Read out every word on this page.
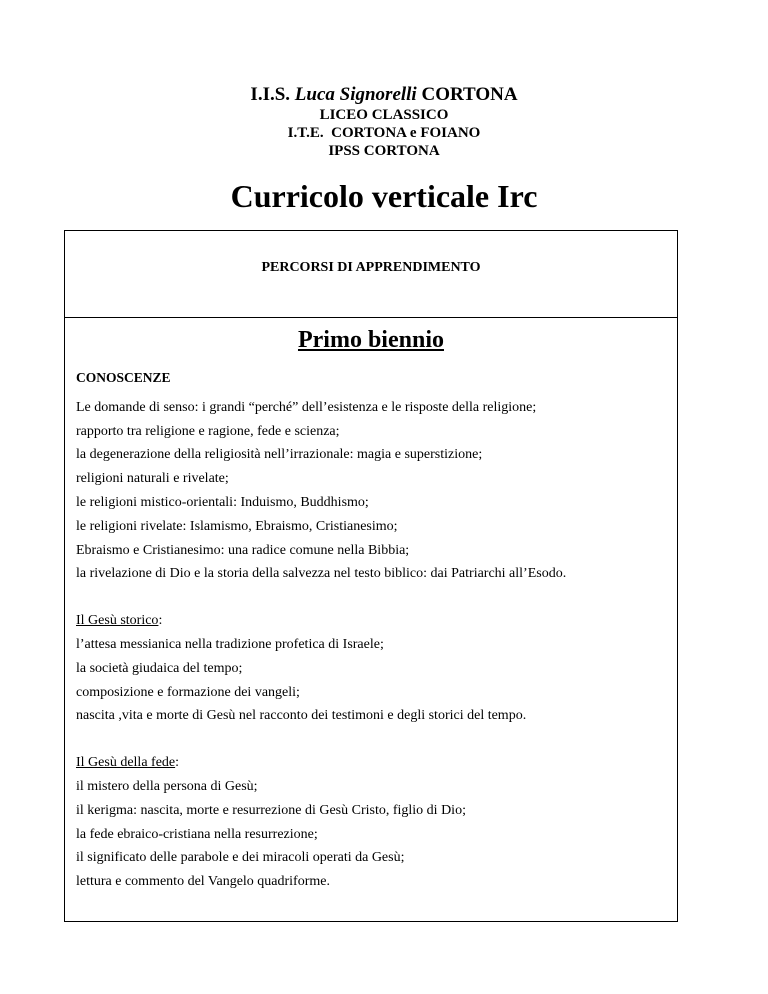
I.I.S. Luca Signorelli CORTONA
LICEO CLASSICO
I.T.E.  CORTONA e FOIANO
IPSS CORTONA
Curricolo verticale Irc
PERCORSI DI APPRENDIMENTO
Primo biennio
CONOSCENZE

Le domande di senso: i grandi “perché” dell’esistenza e le risposte della religione;

rapporto tra religione e ragione, fede e scienza;

la degenerazione della religiosità nell’irrazionale: magia e superstizione;

religioni naturali e rivelate;

le religioni mistico-orientali: Induismo, Buddhismo;

le religioni rivelate: Islamismo, Ebraismo, Cristianesimo;

Ebraismo e Cristianesimo: una radice comune nella Bibbia;

la rivelazione di Dio e la storia della salvezza nel testo biblico: dai Patriarchi all’Esodo.

Il Gesù storico:

l’attesa messianica nella tradizione profetica di Israele;

la società giudaica del tempo;

composizione e formazione dei vangeli;

nascita ,vita e morte di Gesù nel racconto dei testimoni e degli storici del tempo.

Il Gesù della fede:

il mistero della persona di Gesù;

il kerigma: nascita, morte e resurrezione di Gesù Cristo, figlio di Dio;

la fede ebraico-cristiana nella resurrezione;

il significato delle parabole e dei miracoli operati da Gesù;

lettura e commento del Vangelo quadriforme.
